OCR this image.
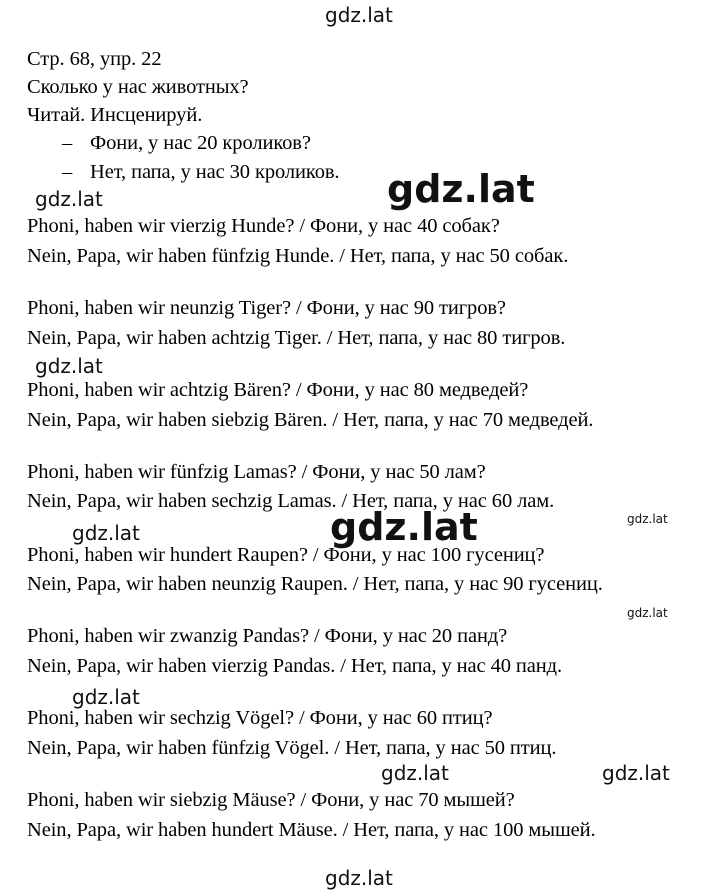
Стр. 68, упр. 22
Сколько у нас животных?
Читай. Инсценируй.
– Фони, у нас 20 кроликов?
– Нет, папа, у нас 30 кроликов.
Phoni, haben wir vierzig Hunde? / Фони, у нас 40 собак?
Nein, Papa, wir haben fünfzig Hunde. / Нет, папа, у нас 50 собак.
Phoni, haben wir neunzig Tiger? / Фони, у нас 90 тигров?
Nein, Papa, wir haben achtzig Tiger. / Нет, папа, у нас 80 тигров.
Phoni, haben wir achtzig Bären? / Фони, у нас 80 медведей?
Nein, Papa, wir haben siebzig Bären. / Нет, папа, у нас 70 медведей.
Phoni, haben wir fünfzig Lamas? / Фони, у нас 50 лам?
Nein, Papa, wir haben sechzig Lamas. / Нет, папа, у нас 60 лам.
Phoni, haben wir hundert Raupen? / Фони, у нас 100 гусениц?
Nein, Papa, wir haben neunzig Raupen. / Нет, папа, у нас 90 гусениц.
Phoni, haben wir zwanzig Pandas? / Фони, у нас 20 панд?
Nein, Papa, wir haben vierzig Pandas. / Нет, папа, у нас 40 панд.
Phoni, haben wir sechzig Vögel? / Фони, у нас 60 птиц?
Nein, Papa, wir haben fünfzig Vögel. / Нет, папа, у нас 50 птиц.
Phoni, haben wir siebzig Mäuse? / Фони, у нас 70 мышей?
Nein, Papa, wir haben hundert Mäuse. / Нет, папа, у нас 100 мышей.
gdz.lat
gdz.lat
gdz.lat
gdz.lat
gdz.lat
gdz.lat
gdz.lat
gdz.lat
gdz.lat
gdz.lat	gdz.lat
gdz.lat
